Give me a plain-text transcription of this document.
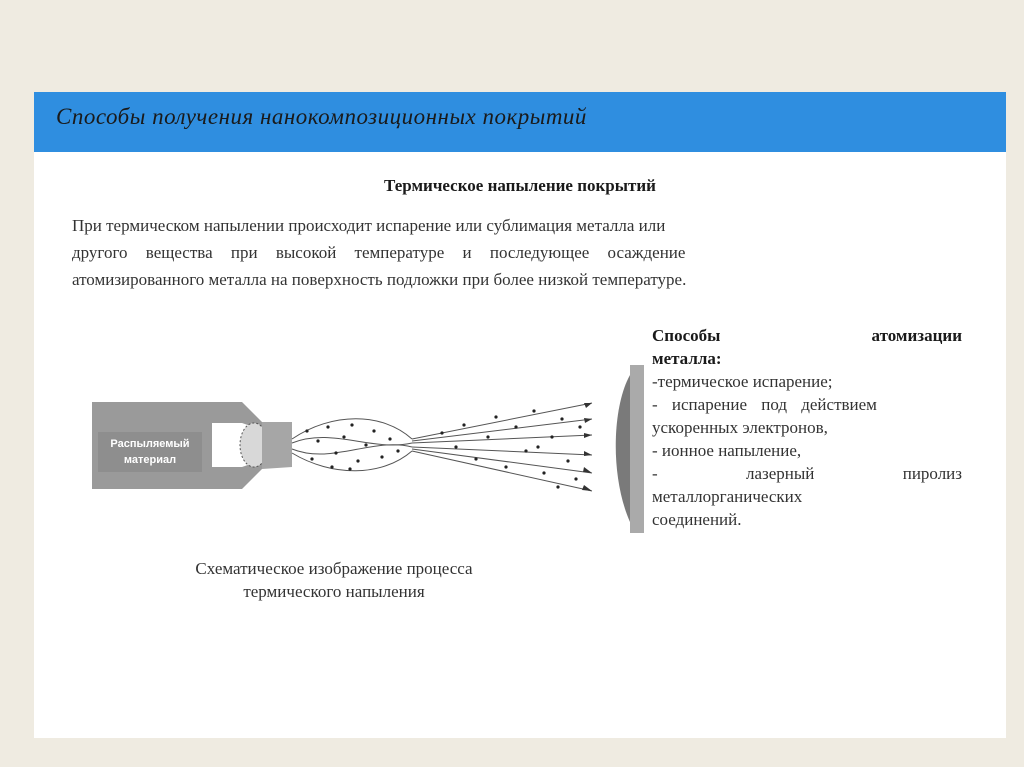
Способы получения нанокомпозиционных покрытий
Термическое напыление покрытий
При термическом напылении происходит испарение или сублимация металла или
другого вещества при высокой температуре и последующее осаждение
атомизированного металла на поверхность подложки при более низкой температуре.
Распыляемый
материал
Схематическое изображение процесса
термического напыления
Способы	атомизации
металла:
-термическое испарение;
- испарение под действием
ускоренных электронов,
- ионное напыление,
-	лазерный	пиролиз
металлорганических
соединений.
